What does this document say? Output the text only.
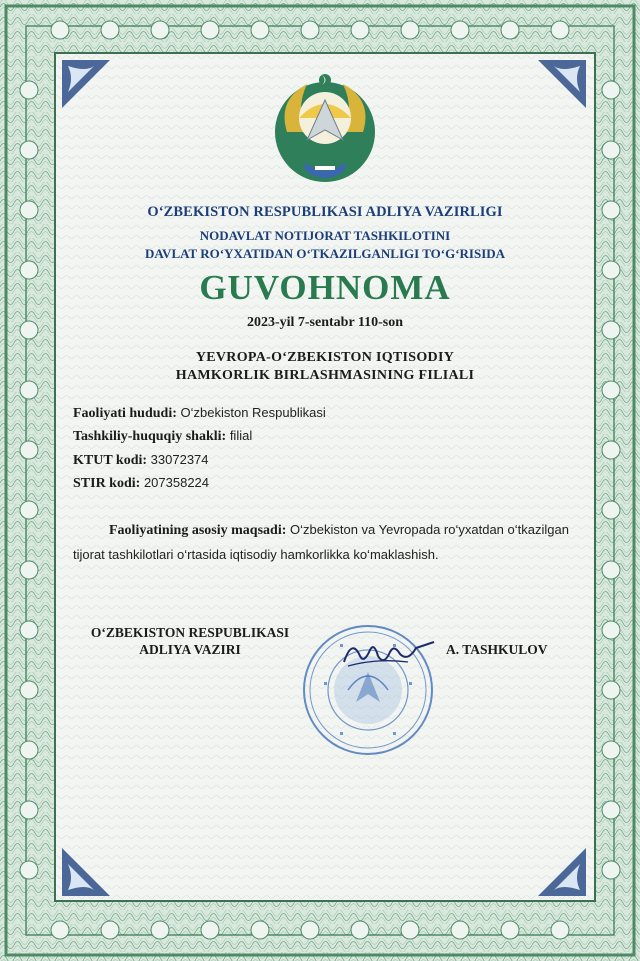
O‘ZBEKISTON RESPUBLIKASI ADLIYA VAZIRLIGI
NODAVLAT NOTIJORAT TASHKILOTINI
DAVLAT RO‘YXATIDAN O‘TKAZILGANLIGI TO‘G‘RISIDA
GUVOHNOMA
2023-yil 7-sentabr 110-son
YEVROPA-O‘ZBEKISTON IQTISODIY
HAMKORLIK BIRLASHMASINING FILIALI
Faoliyati hududi: O‘zbekiston Respublikasi
Tashkiliy-huquqiy shakli: filial
KTUT kodi: 33072374
STIR kodi: 207358224
Faoliyatining asosiy maqsadi: O‘zbekiston va Yevropada ro‘yxatdan o‘tkazilgan tijorat tashkilotlari o‘rtasida iqtisodiy hamkorlikka ko‘maklashish.
O‘ZBEKISTON RESPUBLIKASI
ADLIYA VAZIRI	A. TASHKULOV
